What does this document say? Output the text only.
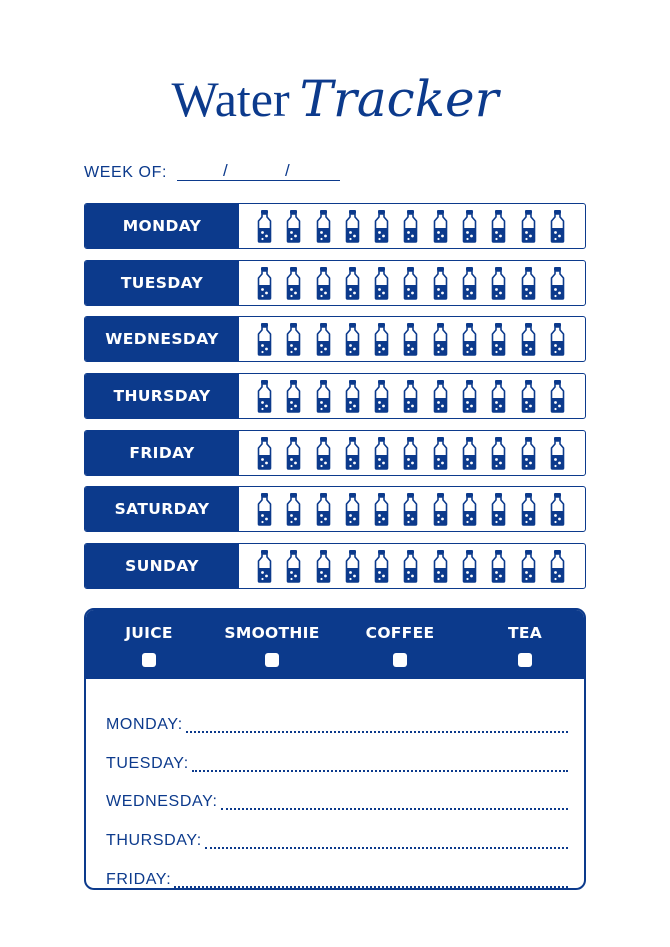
Water Tracker
WEEK OF:	/	/
MONDAY
TUESDAY
WEDNESDAY
THURSDAY
FRIDAY
SATURDAY
SUNDAY
JUICE	SMOOTHIE	COFFEE	TEA
MONDAY:
TUESDAY:
WEDNESDAY:
THURSDAY:
FRIDAY:
